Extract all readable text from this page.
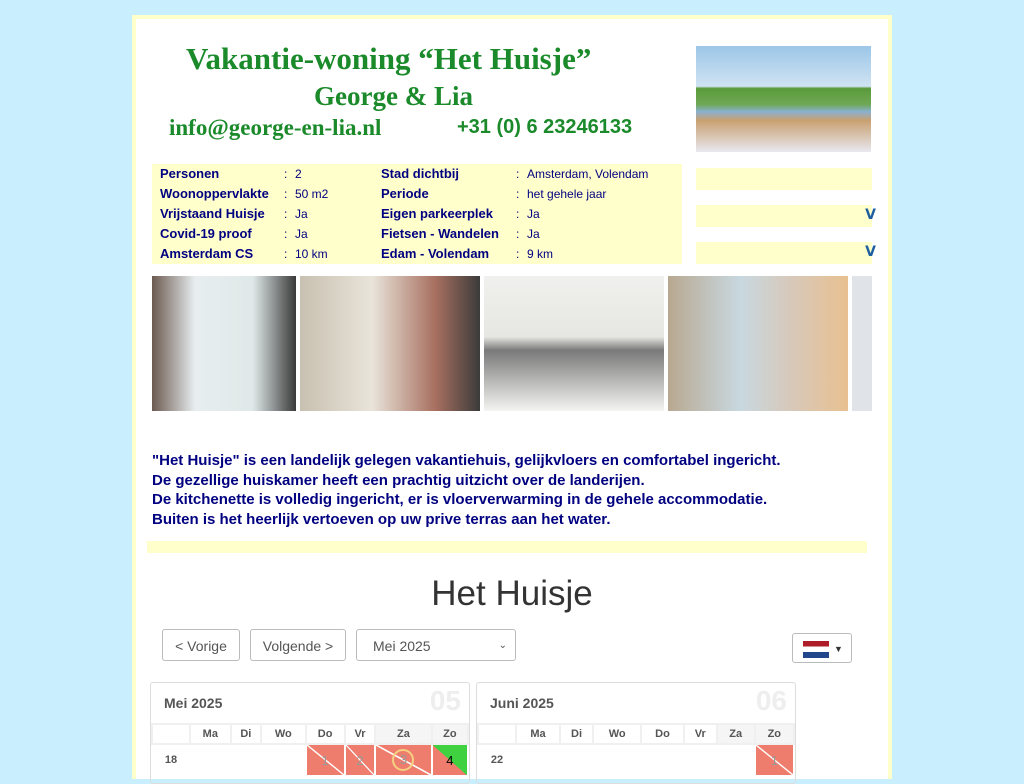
Vakantie-woning “Het Huisje”
George & Lia
info@george-en-lia.nl	+31 (0) 6 23246133
Personen	: 2	Stad dichtbij	: Amsterdam, Volendam
Woonoppervlakte : 50 m2	Periode	: het gehele jaar
Vrijstaand Huisje : Ja	Eigen parkeerplek : Ja
Covid-19 proof	: Ja	Fietsen - Wandelen : Ja
Amsterdam CS	: 10 km	Edam - Volendam : 9 km
V
V
"Het Huisje" is een landelijk gelegen vakantiehuis, gelijkvloers en comfortabel ingericht.
De gezellige huiskamer heeft een prachtig uitzicht over de landerijen.
De kitchenette is volledig ingericht, er is vloerverwarming in de gehele accommodatie.
Buiten is het heerlijk vertoeven op uw prive terras aan het water.
Het Huisje
< Vorige	Volgende >	Mei 2025	⌄	▼
Mei 2025	05
	Ma	Di	Wo	Do	Vr	Za	Zo
18				1	2	3	4
Juni 2025	06
	Ma	Di	Wo	Do	Vr	Za	Zo
22							1
